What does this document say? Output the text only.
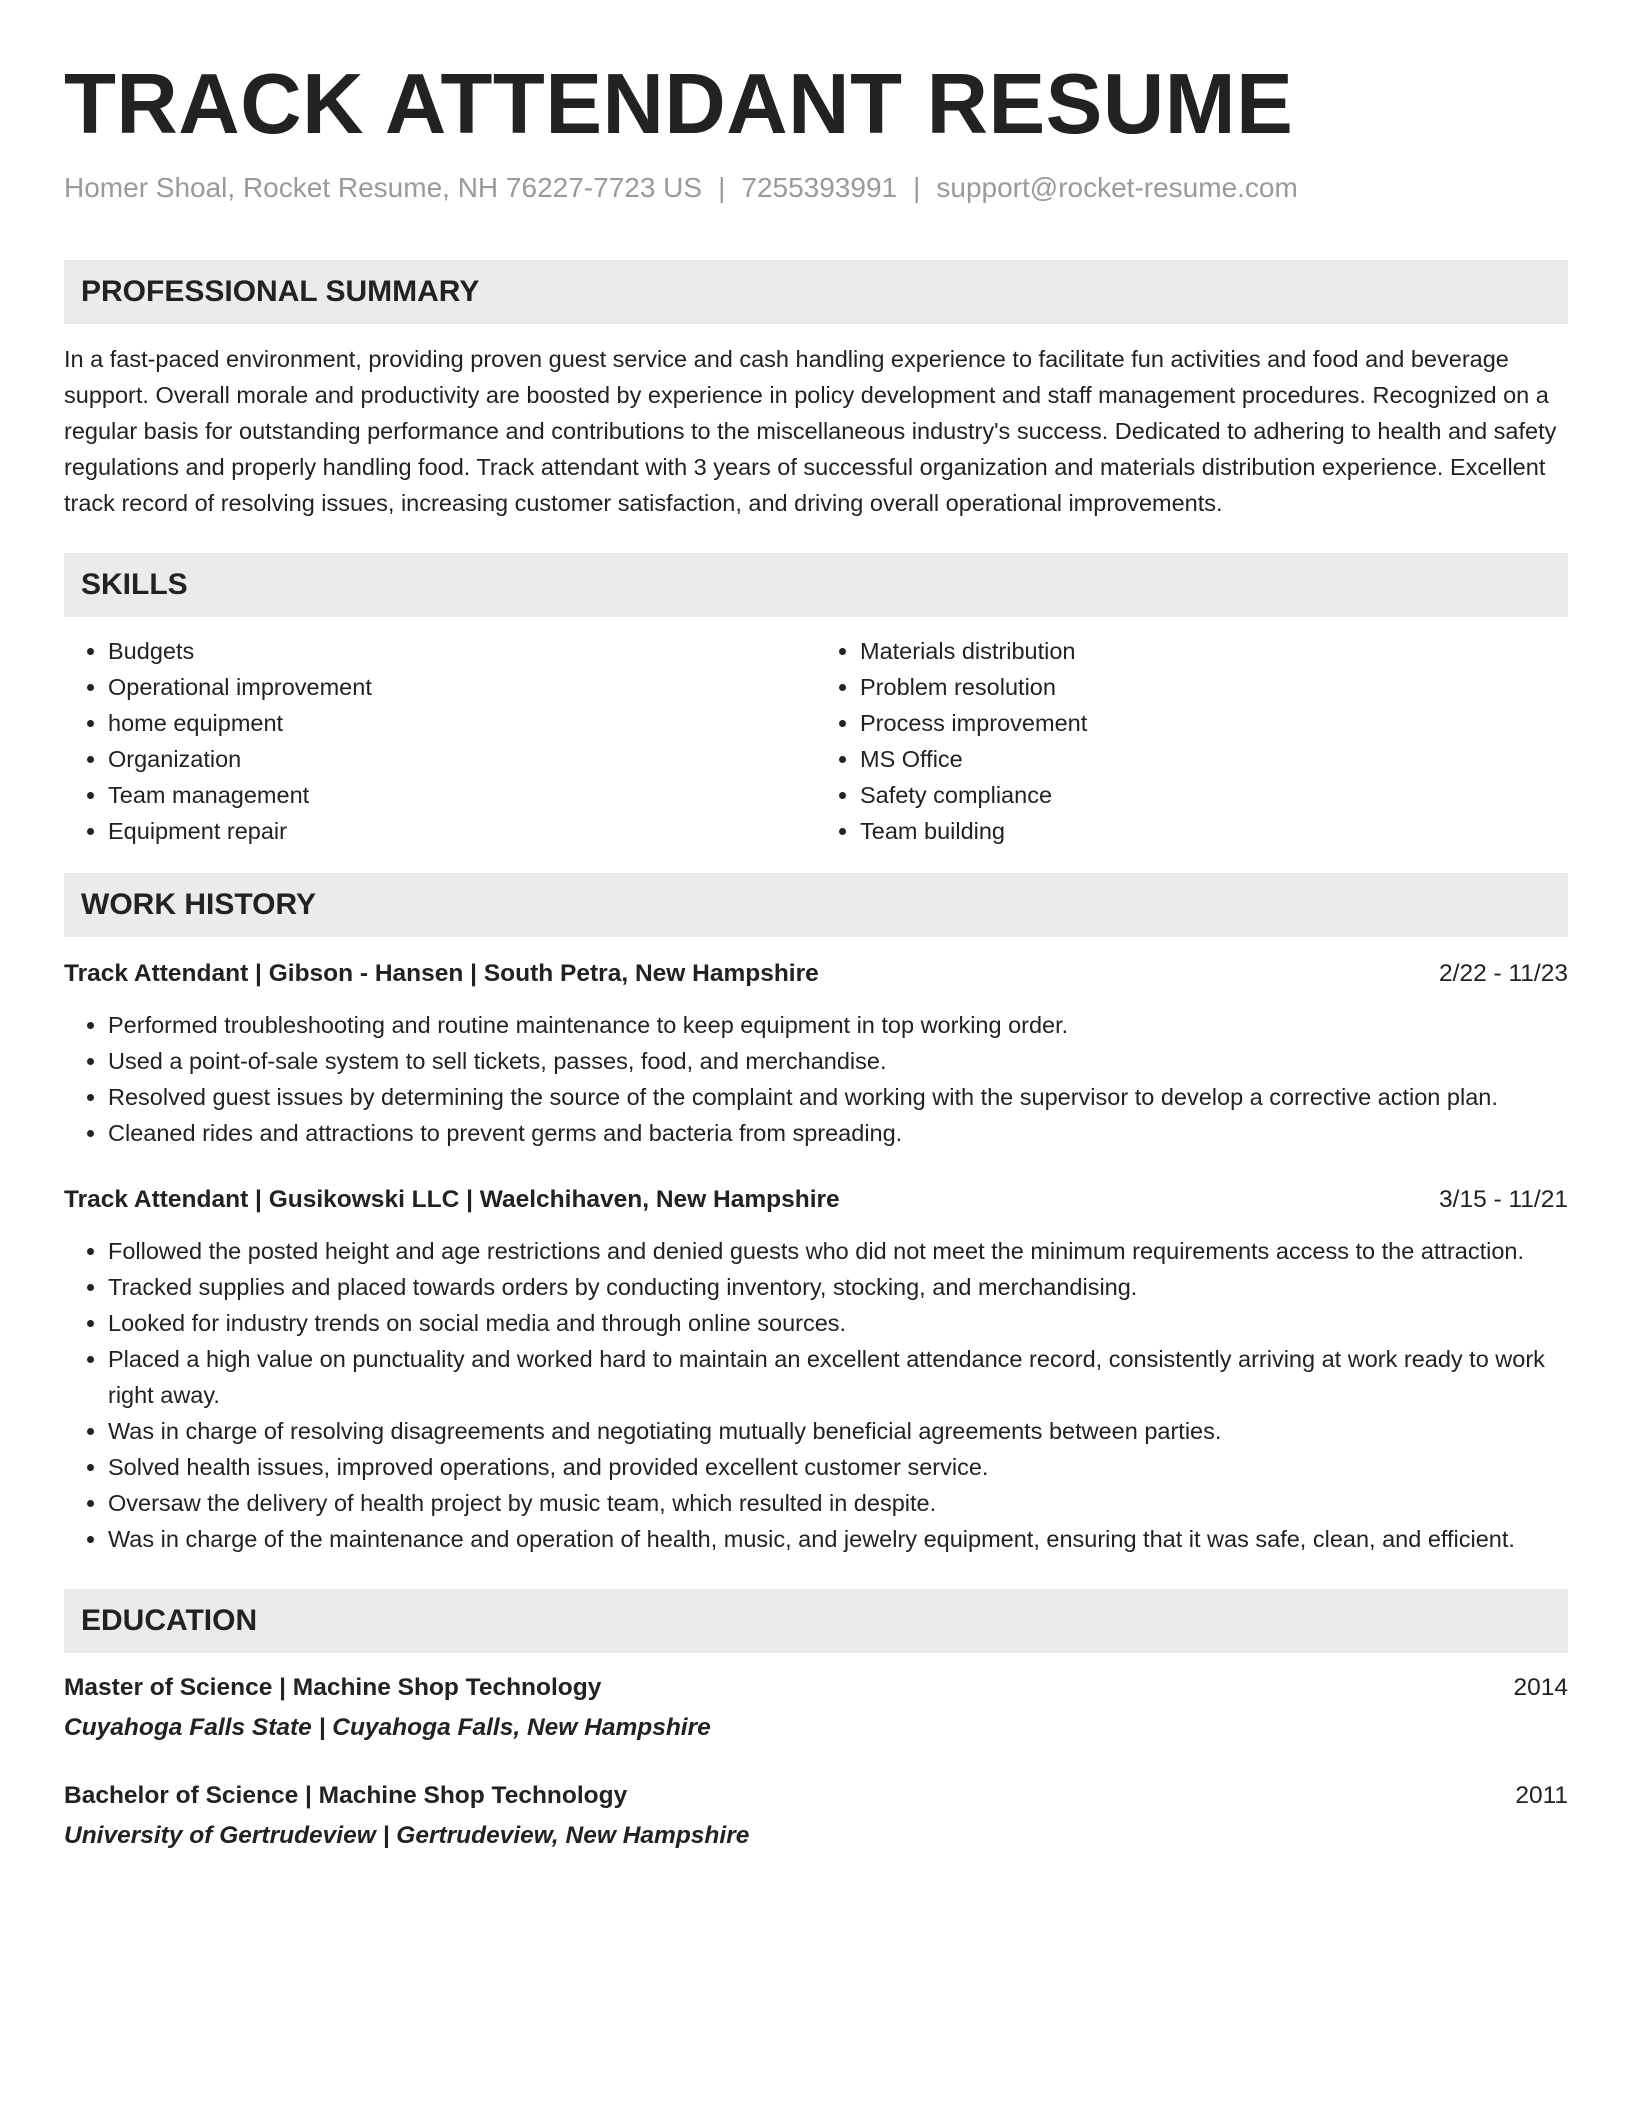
TRACK ATTENDANT RESUME
Homer Shoal, Rocket Resume, NH 76227-7723 US | 7255393991 | support@rocket-resume.com
PROFESSIONAL SUMMARY

In a fast-paced environment, providing proven guest service and cash handling experience to facilitate fun activities and food and beverage support. Overall morale and productivity are boosted by experience in policy development and staff management procedures. Recognized on a regular basis for outstanding performance and contributions to the miscellaneous industry's success. Dedicated to adhering to health and safety regulations and properly handling food. Track attendant with 3 years of successful organization and materials distribution experience. Excellent track record of resolving issues, increasing customer satisfaction, and driving overall operational improvements.

SKILLS
• Budgets
• Operational improvement
• home equipment
• Organization
• Team management
• Equipment repair
• Materials distribution
• Problem resolution
• Process improvement
• MS Office
• Safety compliance
• Team building
WORK HISTORY
Track Attendant | Gibson - Hansen | South Petra, New Hampshire	2/22 - 11/23
• Performed troubleshooting and routine maintenance to keep equipment in top working order.
• Used a point-of-sale system to sell tickets, passes, food, and merchandise.
• Resolved guest issues by determining the source of the complaint and working with the supervisor to develop a corrective action plan.
• Cleaned rides and attractions to prevent germs and bacteria from spreading.
Track Attendant | Gusikowski LLC | Waelchihaven, New Hampshire	3/15 - 11/21
• Followed the posted height and age restrictions and denied guests who did not meet the minimum requirements access to the attraction.
• Tracked supplies and placed towards orders by conducting inventory, stocking, and merchandising.
• Looked for industry trends on social media and through online sources.
• Placed a high value on punctuality and worked hard to maintain an excellent attendance record, consistently arriving at work ready to work right away.
• Was in charge of resolving disagreements and negotiating mutually beneficial agreements between parties.
• Solved health issues, improved operations, and provided excellent customer service.
• Oversaw the delivery of health project by music team, which resulted in despite.
• Was in charge of the maintenance and operation of health, music, and jewelry equipment, ensuring that it was safe, clean, and efficient.
EDUCATION
Master of Science | Machine Shop Technology	2014
Cuyahoga Falls State | Cuyahoga Falls, New Hampshire
Bachelor of Science | Machine Shop Technology	2011
University of Gertrudeview | Gertrudeview, New Hampshire
